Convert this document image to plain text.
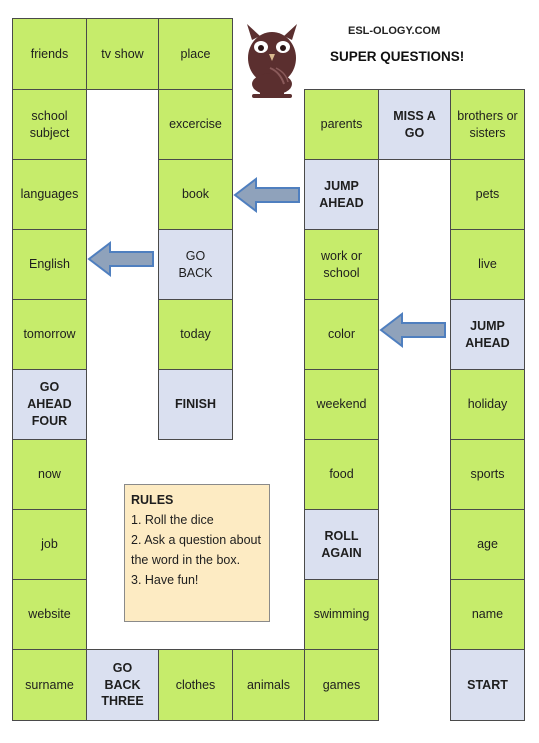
ESL-OLOGY.COM
SUPER QUESTIONS!
friends
school subject
languages
English
tomorrow
GO AHEAD FOUR
now
job
website
surname
tv show
GO BACK THREE
place
excercise
book
GO BACK
today
FINISH
clothes	animals
parents
JUMP AHEAD
work or school
color
weekend
food
ROLL AGAIN
swimming
games
MISS A GO
brothers or sisters
pets
live
JUMP AHEAD
holiday
sports
age
name
START
RULES
1. Roll the dice
2. Ask a question about the word in the box.
3. Have fun!
